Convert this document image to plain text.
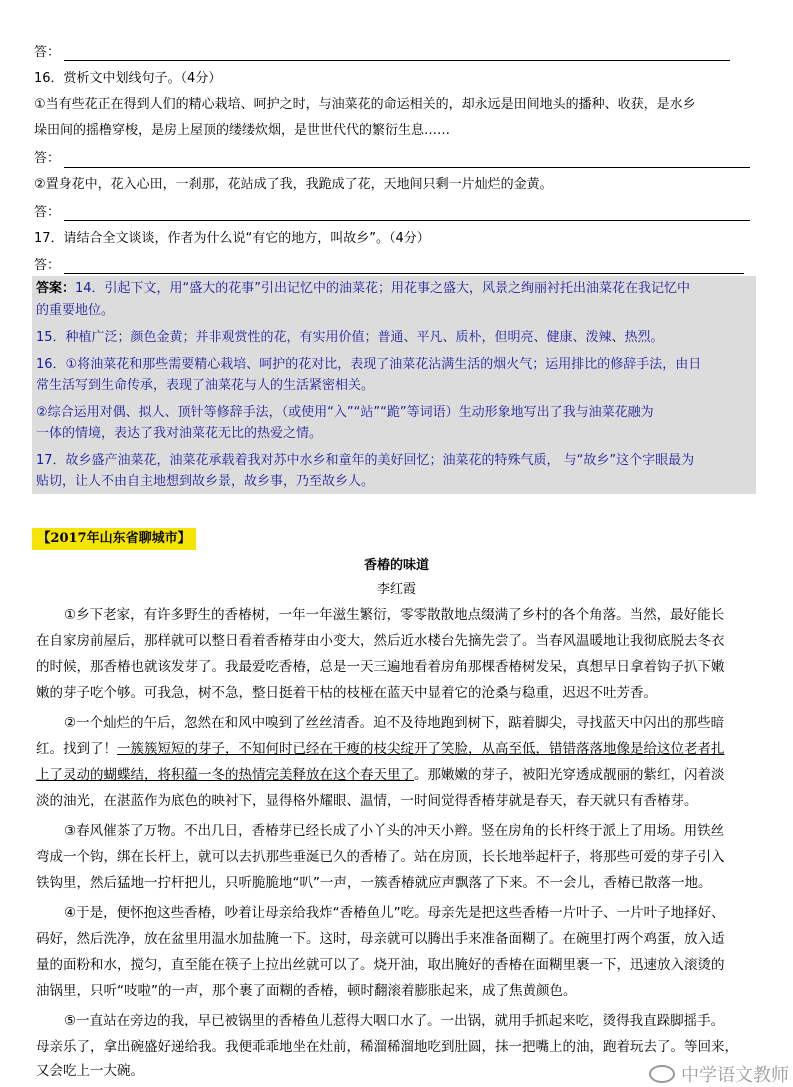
答：
16．赏析文中划线句子。（4分）
①当有些花正在得到人们的精心栽培、呵护之时，与油菜花的命运相关的，却永远是田间地头的播种、收获，是水乡
垛田间的摇橹穿梭，是房上屋顶的缕缕炊烟，是世世代代的繁衍生息……
答：
②置身花中，花入心田，一刹那，花站成了我，我跪成了花，天地间只剩一片灿烂的金黄。
答：
17．请结合全文谈谈，作者为什么说“有它的地方，叫故乡”。（4分）
答：
答案：14．引起下文，用“盛大的花事”引出记忆中的油菜花；用花事之盛大，风景之绚丽衬托出油菜花在我记忆中
的重要地位。
15．种植广泛；颜色金黄；并非观赏性的花，有实用价值；普通、平凡、质朴，但明亮、健康、泼辣、热烈。
16．①将油菜花和那些需要精心栽培、呵护的花对比，表现了油菜花沾满生活的烟火气；运用排比的修辞手法，由日
常生活写到生命传承，表现了油菜花与人的生活紧密相关。
②综合运用对偶、拟人、顶针等修辞手法，（或使用“入”“站”“跪”等词语）生动形象地写出了我与油菜花融为
一体的情境，表达了我对油菜花无比的热爱之情。
17．故乡盛产油菜花，油菜花承载着我对苏中水乡和童年的美好回忆；油菜花的特殊气质， 与“故乡”这个字眼最为
贴切，让人不由自主地想到故乡景，故乡事，乃至故乡人。
【2017年山东省聊城市】
香椿的味道
李红霞
①乡下老家，有许多野生的香椿树，一年一年滋生繁衍，零零散散地点缀满了乡村的各个角落。当然，最好能长
在自家房前屋后，那样就可以整日看着香椿芽由小变大，然后近水楼台先摘先尝了。当春风温暖地让我彻底脱去冬衣
的时候，那香椿也就该发芽了。我最爱吃香椿，总是一天三遍地看着房角那棵香椿树发呆，真想早日拿着钩子扒下嫩
嫩的芽子吃个够。可我急，树不急，整日挺着干枯的枝桠在蓝天中显着它的沧桑与稳重，迟迟不吐芳香。
②一个灿烂的午后，忽然在和风中嗅到了丝丝清香。迫不及待地跑到树下，踮着脚尖，寻找蓝天中闪出的那些暗
红。找到了！一簇簇短短的芽子，不知何时已经在干瘦的枝尖绽开了笑脸，从高至低，错错落落地像是给这位老者扎
上了灵动的蝴蝶结，将积蕴一冬的热情完美释放在这个春天里了。那嫩嫩的芽子，被阳光穿透成靓丽的紫红，闪着淡
淡的油光，在湛蓝作为底色的映衬下，显得格外耀眼、温情，一时间觉得香椿芽就是春天，春天就只有香椿芽。
③春风催茶了万物。不出几日，香椿芽已经长成了小丫头的冲天小辫。竖在房角的长杆终于派上了用场。用铁丝
弯成一个钩，绑在长杆上，就可以去扒那些垂涎已久的香椿了。站在房顶，长长地举起杆子，将那些可爱的芽子引入
铁钩里，然后猛地一拧杆把儿，只听脆脆地“叭”一声，一簇香椿就应声飘落了下来。不一会儿，香椿已散落一地。
④于是，便怀抱这些香椿，吵着让母亲给我炸“香椿鱼儿”吃。母亲先是把这些香椿一片叶子、一片叶子地择好、
码好，然后洗净，放在盆里用温水加盐腌一下。这时，母亲就可以腾出手来准备面糊了。在碗里打两个鸡蛋，放入适
量的面粉和水，搅匀，直至能在筷子上拉出丝就可以了。烧开油，取出腌好的香椿在面糊里裹一下，迅速放入滚烫的
油锅里，只听“吱啦”的一声，那个裹了面糊的香椿，顿时翻滚着膨胀起来，成了焦黄颜色。
⑤一直站在旁边的我，早已被锅里的香椿鱼儿惹得大咽口水了。一出锅，就用手抓起来吃，烫得我直跺脚摇手。
母亲乐了，拿出碗盛好递给我。我便乖乖地坐在灶前，稀溜稀溜地吃到肚圆，抹一把嘴上的油，跑着玩去了。等回来，
又会吃上一大碗。	中学语文教师
